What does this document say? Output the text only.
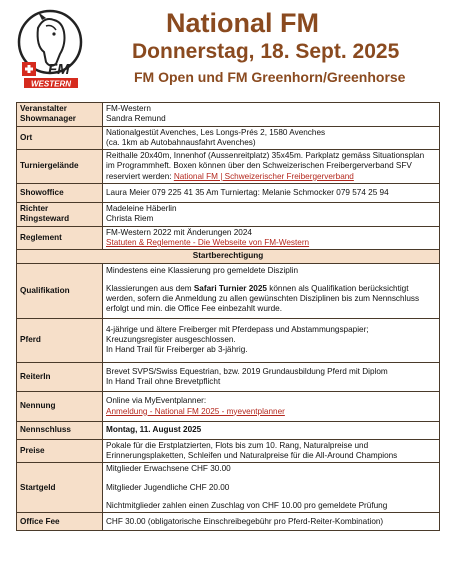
FM
WESTERN
National FM
Donnerstag, 18. Sept. 2025
FM Open und FM Greenhorn/Greenhorse
Veranstalter
Showmanager	FM-Western
Sandra Remund

Ort	Nationalgestüt Avenches, Les Longs-Prés 2, 1580 Avenches
(ca. 1km ab Autobahnausfahrt Avenches)

Turniergelände	Reithalle 20x40m, Innenhof (Aussenreitplatz) 35x45m. Parkplatz gemäss Situationsplan
im Programmheft. Boxen können über den Schweizerischen Freibergerverband SFV
reserviert werden: National FM | Schweizerischer Freibergerverband

Showoffice	Laura Meier 079 225 41 35 Am Turniertag: Melanie Schmocker 079 574 25 94

Richter
Ringsteward	Madeleine Häberlin
Christa Riem

Reglement	FM-Western 2022 mit Änderungen 2024
Statuten & Reglemente - Die Webseite von FM-Western

Startberechtigung	
Qualifikation	Mindestens eine Klassierung pro gemeldete Disziplin
Klassierungen aus dem Safari Turnier 2025 können als Qualifikation berücksichtigt
werden, sofern die Anmeldung zu allen gewünschten Disziplinen bis zum Nennschluss
erfolgt und min. die Office Fee einbezahlt wurde.

Pferd	4-jährige und ältere Freiberger mit Pferdepass und Abstammungspapier;
Kreuzungsregister ausgeschlossen.
In Hand Trail für Freiberger ab 3-jährig.

ReiterIn	Brevet SVPS/Swiss Equestrian, bzw. 2019 Grundausbildung Pferd mit Diplom
In Hand Trail ohne Brevetpflicht

Nennung	Online via MyEventplanner:
Anmeldung - National FM 2025 - myeventplanner

Nennschluss	Montag, 11. August 2025
Preise	Pokale für die Erstplatzierten, Flots bis zum 10. Rang, Naturalpreise und
Erinnerungsplaketten, Schleifen und Naturalpreise für die All-Around Champions

Startgeld	Mitglieder Erwachsene CHF 30.00
Mitglieder Jugendliche CHF 20.00
Nichtmitglieder zahlen einen Zuschlag von CHF 10.00 pro gemeldete Prüfung

Office Fee	CHF 30.00 (obligatorische Einschreibegebühr pro Pferd-Reiter-Kombination)
